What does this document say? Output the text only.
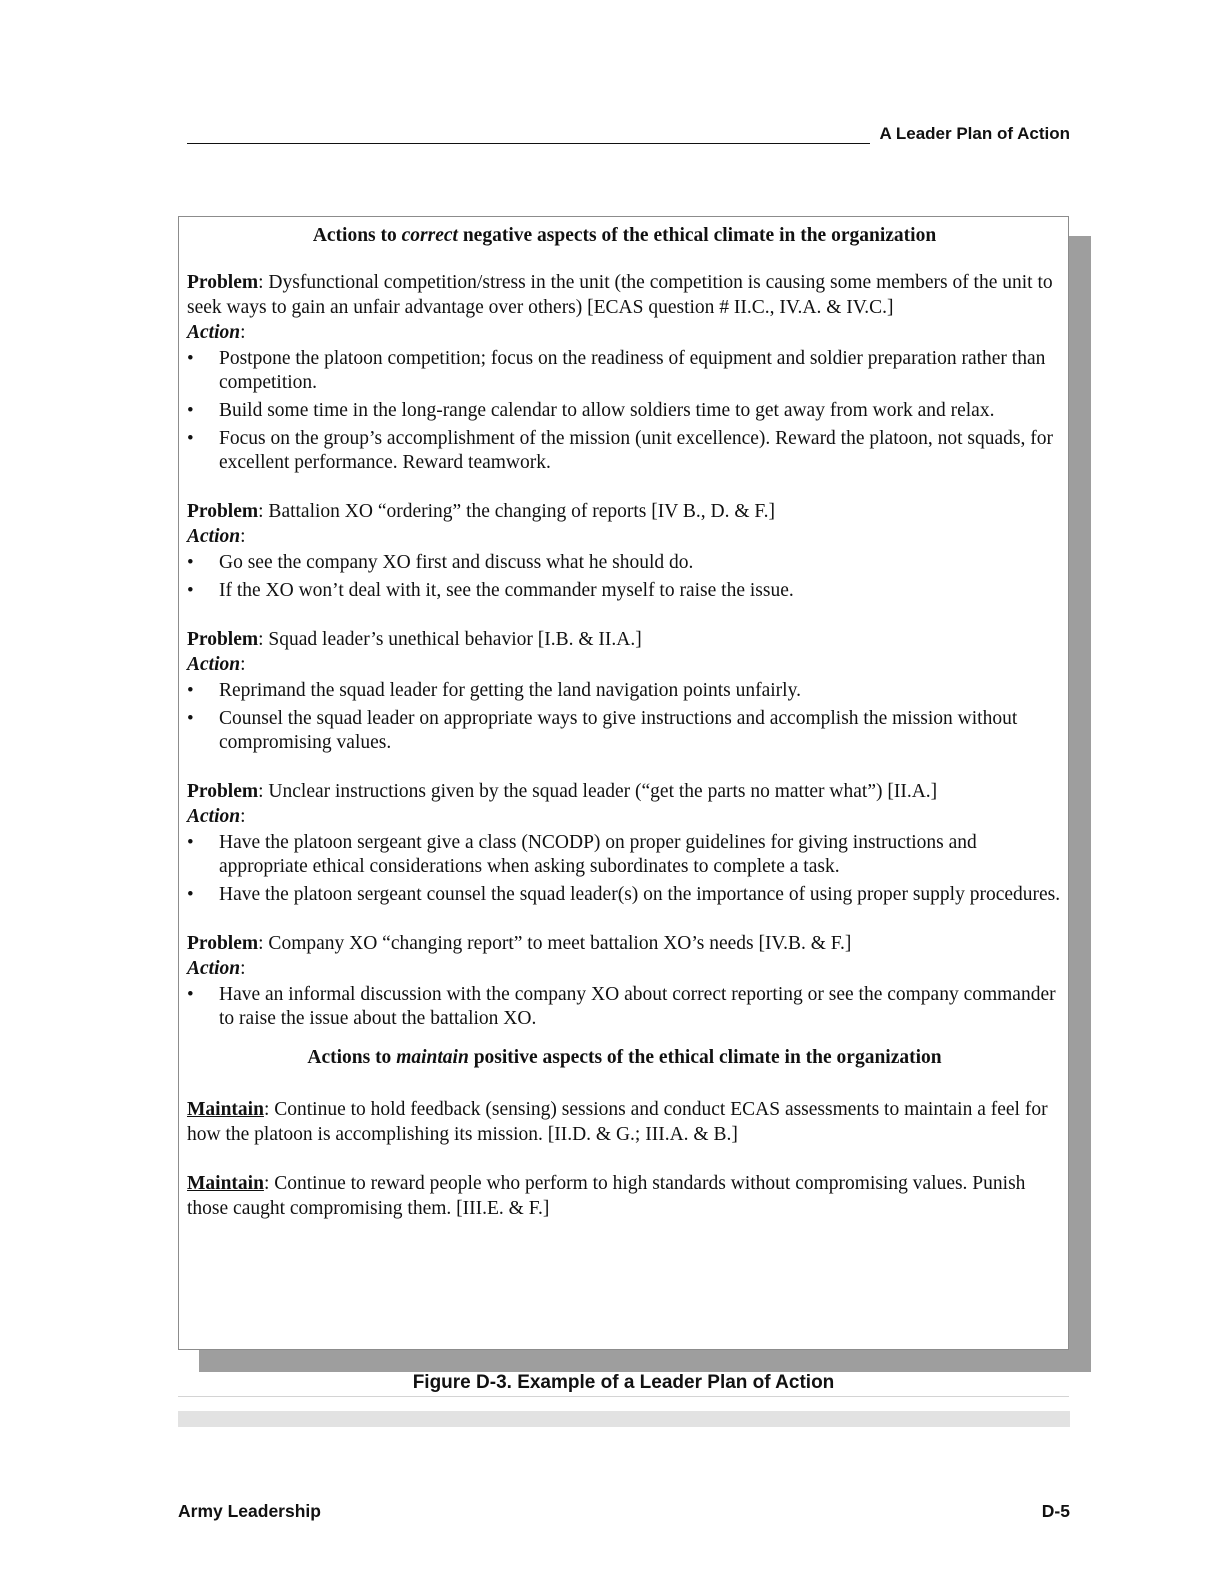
A Leader Plan of Action

Actions to correct negative aspects of the ethical climate in the organization

Problem: Dysfunctional competition/stress in the unit (the competition is causing some members of the unit to seek ways to gain an unfair advantage over others) [ECAS question # II.C., IV.A. & IV.C.]

Action:

• Postpone the platoon competition; focus on the readiness of equipment and soldier preparation rather than competition.
• Build some time in the long-range calendar to allow soldiers time to get away from work and relax.
• Focus on the group’s accomplishment of the mission (unit excellence). Reward the platoon, not squads, for excellent performance. Reward teamwork.

Problem: Battalion XO “ordering” the changing of reports [IV B., D. & F.]

Action:

• Go see the company XO first and discuss what he should do.
• If the XO won’t deal with it, see the commander myself to raise the issue.

Problem: Squad leader’s unethical behavior [I.B. & II.A.]

Action:

• Reprimand the squad leader for getting the land navigation points unfairly.
• Counsel the squad leader on appropriate ways to give instructions and accomplish the mission without compromising values.

Problem: Unclear instructions given by the squad leader (“get the parts no matter what”) [II.A.]

Action:

• Have the platoon sergeant give a class (NCODP) on proper guidelines for giving instructions and appropriate ethical considerations when asking subordinates to complete a task.
• Have the platoon sergeant counsel the squad leader(s) on the importance of using proper supply procedures.

Problem: Company XO “changing report” to meet battalion XO’s needs [IV.B. & F.]

Action:

• Have an informal discussion with the company XO about correct reporting or see the company commander to raise the issue about the battalion XO.

Actions to maintain positive aspects of the ethical climate in the organization

Maintain: Continue to hold feedback (sensing) sessions and conduct ECAS assessments to maintain a feel for how the platoon is accomplishing its mission. [II.D. & G.; III.A. & B.]

Maintain: Continue to reward people who perform to high standards without compromising values. Punish those caught compromising them. [III.E. & F.]

Figure D-3. Example of a Leader Plan of Action

Army Leadership	D-5
